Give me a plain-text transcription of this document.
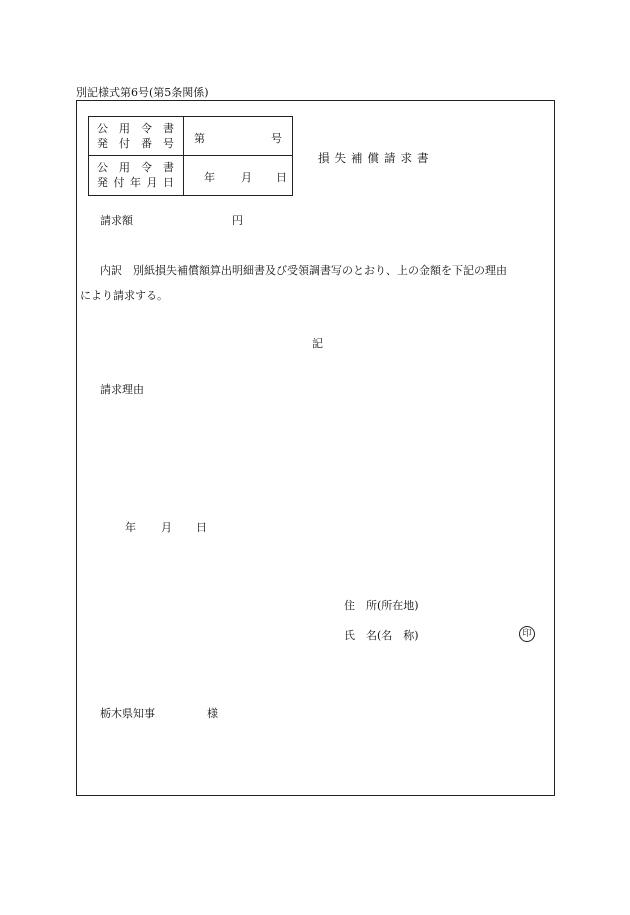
別記様式第6号(第5条関係)
公 用 令 書
発 付 番 号	第	号
公 用 令 書
発 付 年 月 日	年 月 日
損失補償請求書
請求額	円
内訳　別紙損失補償額算出明細書及び受領調書写のとおり、上の金額を下記の理由
により請求する。
記
請求理由
年 月 日
住　所(所在地)
氏　名(名　称)	印
栃木県知事	様
